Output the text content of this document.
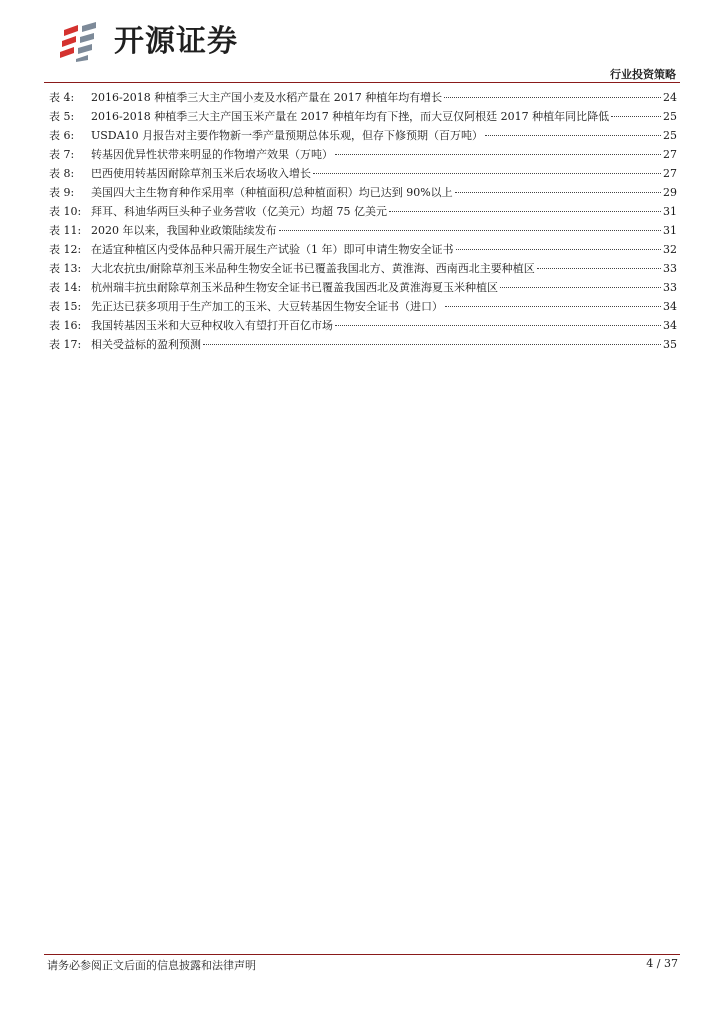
开源证券
行业投资策略
表 4:	2016-2018 种植季三大主产国小麦及水稻产量在 2017 种植年均有增长	24
表 5:	2016-2018 种植季三大主产国玉米产量在 2017 种植年均有下挫，而大豆仅阿根廷 2017 种植年同比降低	25
表 6:	USDA10 月报告对主要作物新一季产量预期总体乐观，但存下修预期（百万吨）	25
表 7:	转基因优异性状带来明显的作物增产效果（万吨）	27
表 8:	巴西使用转基因耐除草剂玉米后农场收入增长	27
表 9:	美国四大主生物育种作采用率（种植面积/总种植面积）均已达到 90%以上	29
表 10: 拜耳、科迪华两巨头种子业务营收（亿美元）均超 75 亿美元	31
表 11: 2020 年以来，我国种业政策陆续发布	31
表 12: 在适宜种植区内受体品种只需开展生产试验（1 年）即可申请生物安全证书	32
表 13: 大北农抗虫/耐除草剂玉米品种生物安全证书已覆盖我国北方、黄淮海、西南西北主要种植区	33
表 14: 杭州瑞丰抗虫耐除草剂玉米品种生物安全证书已覆盖我国西北及黄淮海夏玉米种植区	33
表 15: 先正达已获多项用于生产加工的玉米、大豆转基因生物安全证书（进口）	34
表 16: 我国转基因玉米和大豆种权收入有望打开百亿市场	34
表 17: 相关受益标的盈利预测	35
请务必参阅正文后面的信息披露和法律声明	4 / 37
